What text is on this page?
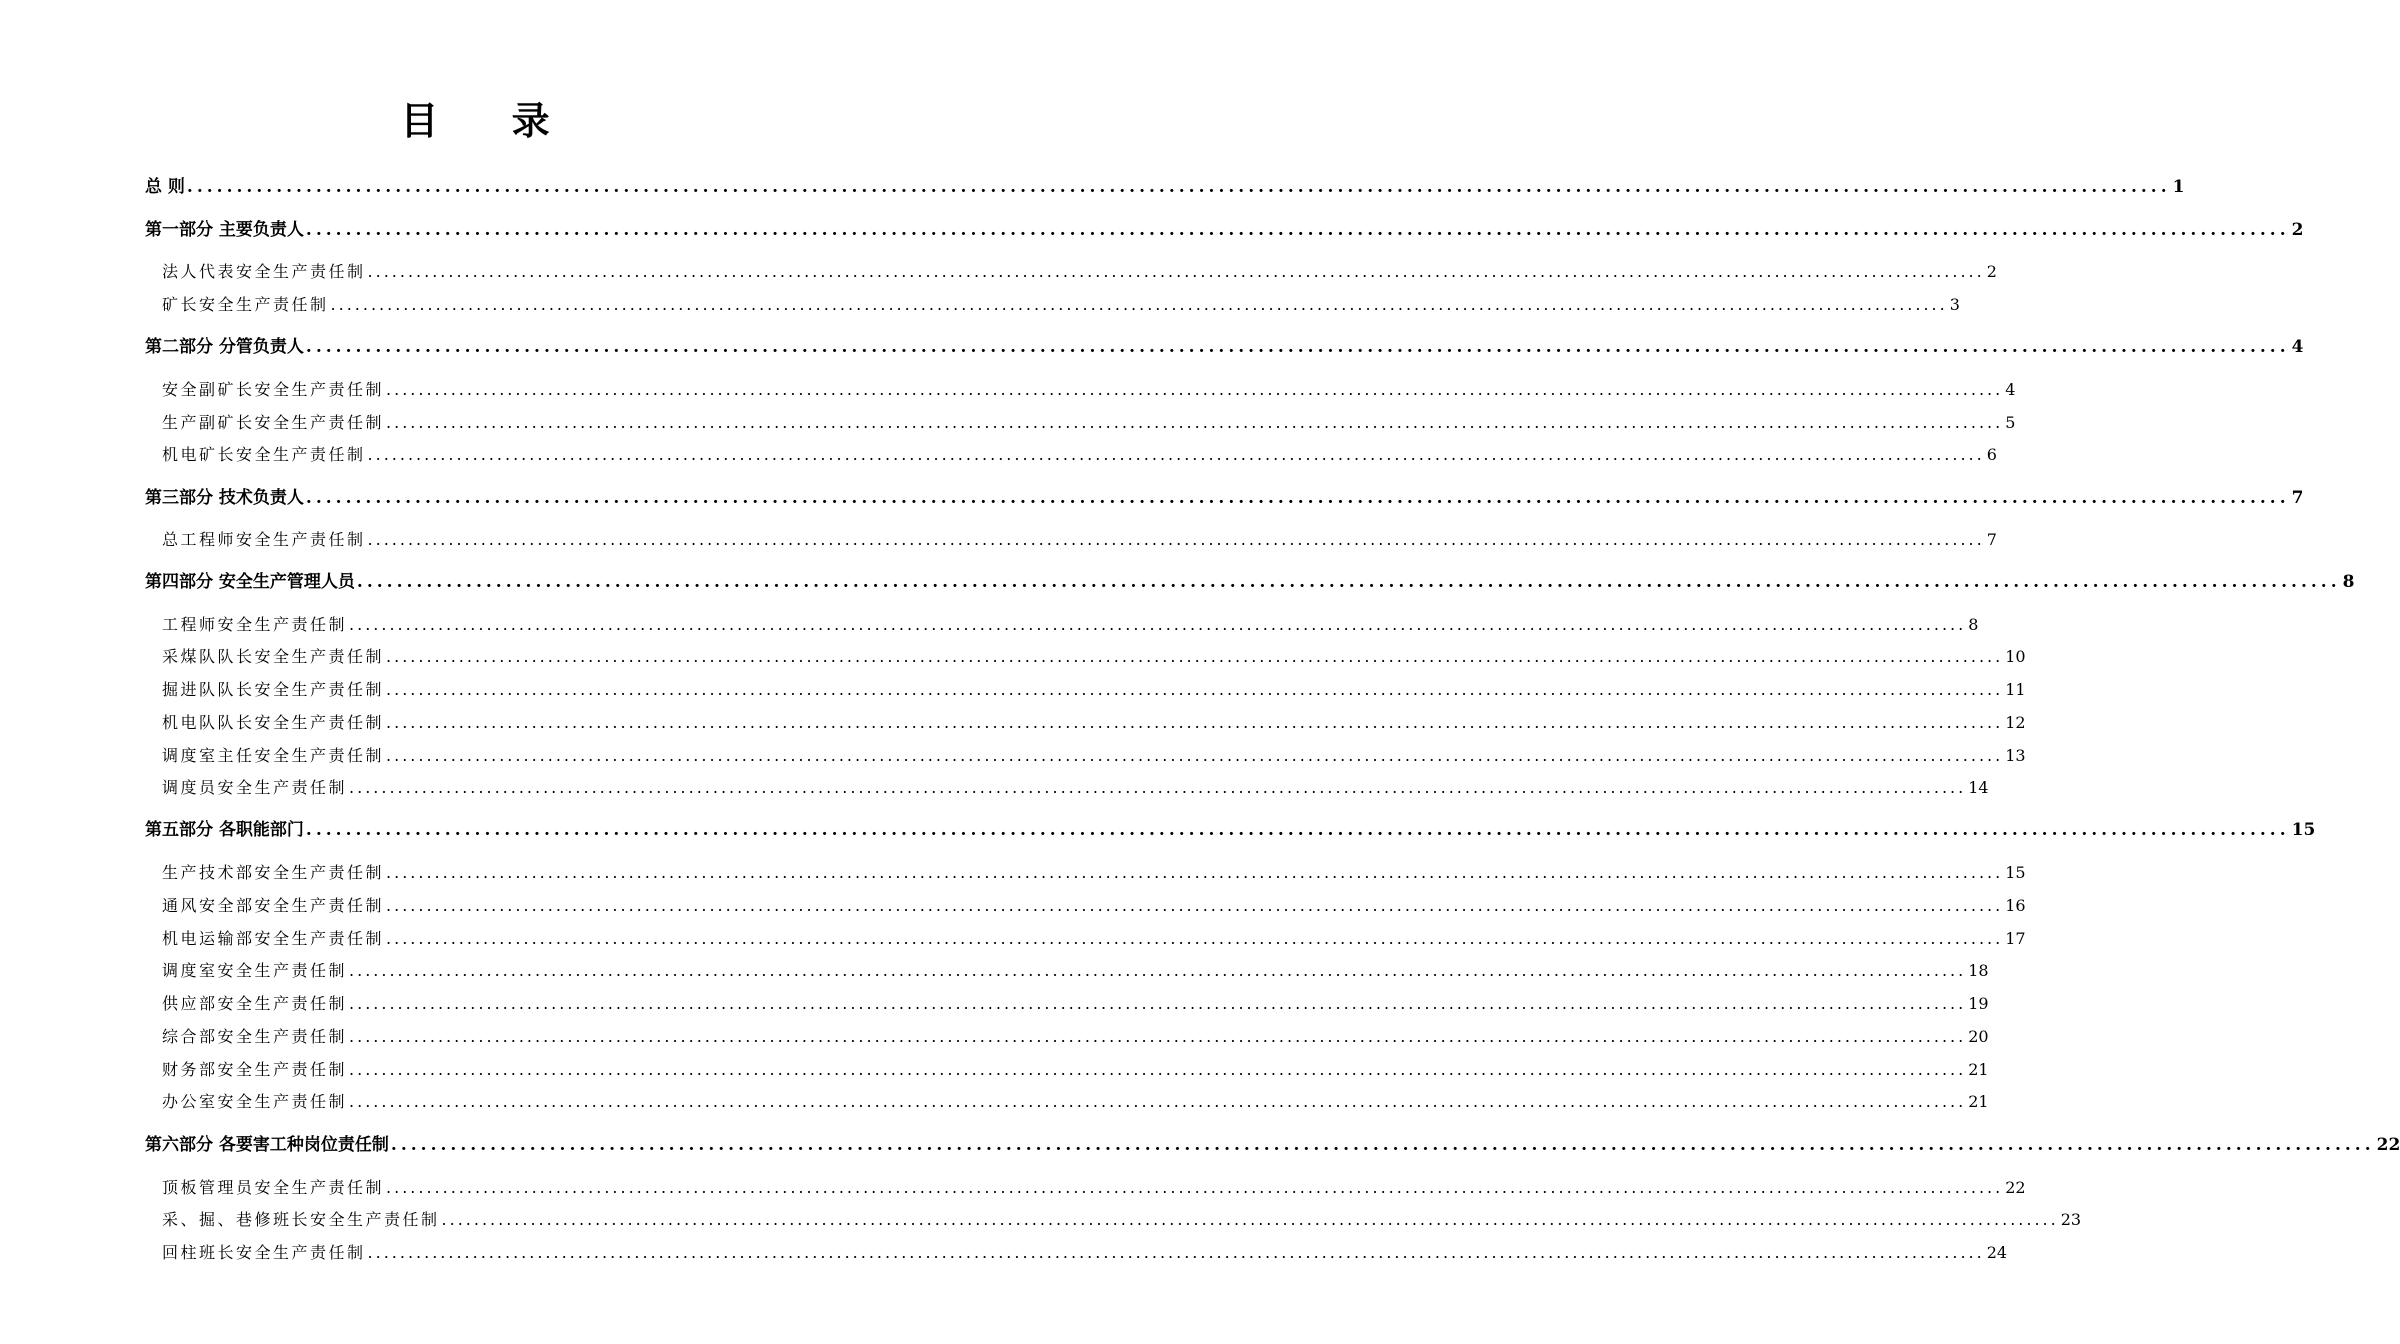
目 录
总 则 ........................................................................................................................................................................................................ 1
第一部分 主要负责人 ........................................................................................................................................................................................................ 2
法人代表安全生产责任制 ........................................................................................................................................................................................................ 2
矿长安全生产责任制 ........................................................................................................................................................................................................ 3
第二部分 分管负责人 ........................................................................................................................................................................................................ 4
安全副矿长安全生产责任制 ........................................................................................................................................................................................................ 4
生产副矿长安全生产责任制 ........................................................................................................................................................................................................ 5
机电矿长安全生产责任制 ........................................................................................................................................................................................................ 6
第三部分 技术负责人 ........................................................................................................................................................................................................ 7
总工程师安全生产责任制 ........................................................................................................................................................................................................ 7
第四部分 安全生产管理人员 ........................................................................................................................................................................................................ 8
工程师安全生产责任制 ........................................................................................................................................................................................................ 8
采煤队队长安全生产责任制 ........................................................................................................................................................................................................ 10
掘进队队长安全生产责任制 ........................................................................................................................................................................................................ 11
机电队队长安全生产责任制 ........................................................................................................................................................................................................ 12
调度室主任安全生产责任制 ........................................................................................................................................................................................................ 13
调度员安全生产责任制 ........................................................................................................................................................................................................ 14
第五部分 各职能部门 ........................................................................................................................................................................................................ 15
生产技术部安全生产责任制 ........................................................................................................................................................................................................ 15
通风安全部安全生产责任制 ........................................................................................................................................................................................................ 16
机电运输部安全生产责任制 ........................................................................................................................................................................................................ 17
调度室安全生产责任制 ........................................................................................................................................................................................................ 18
供应部安全生产责任制 ........................................................................................................................................................................................................ 19
综合部安全生产责任制 ........................................................................................................................................................................................................ 20
财务部安全生产责任制 ........................................................................................................................................................................................................ 21
办公室安全生产责任制 ........................................................................................................................................................................................................ 21
第六部分 各要害工种岗位责任制 ........................................................................................................................................................................................................ 22
顶板管理员安全生产责任制 ........................................................................................................................................................................................................ 22
采、掘、巷修班长安全生产责任制 ........................................................................................................................................................................................................ 23
回柱班长安全生产责任制 ........................................................................................................................................................................................................ 24
